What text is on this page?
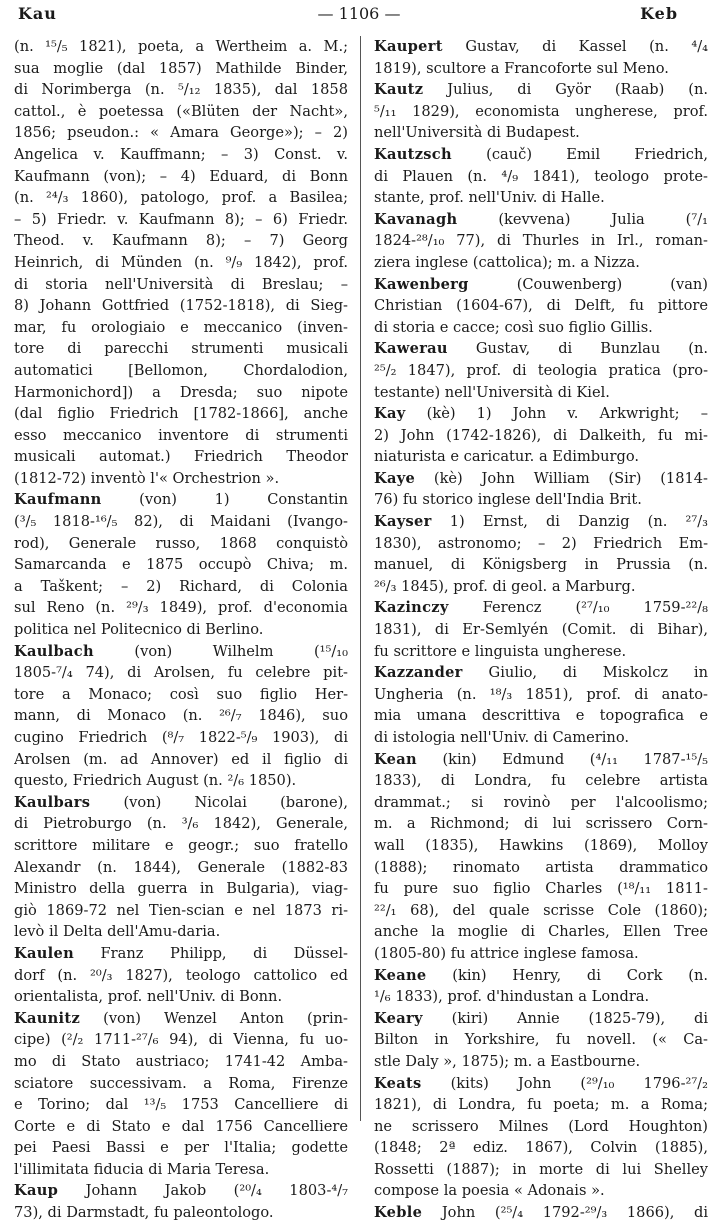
Kau	— 1106 —	Keb
(n. ¹⁵/₅ 1821), poeta, a Wertheim a. M.;
sua moglie (dal 1857) Mathilde Binder,
di Norimberga (n. ⁵/₁₂ 1835), dal 1858
cattol., è poetessa («Blüten der Nacht»,
1856; pseudon.: « Amara George»); – 2)
Angelica v. Kauffmann; – 3) Const. v.
Kaufmann (von); – 4) Eduard, di Bonn
(n. ²⁴/₃ 1860), patologo, prof. a Basilea;
– 5) Friedr. v. Kaufmann 8); – 6) Friedr.
Theod. v. Kaufmann 8); – 7) Georg
Heinrich, di Münden (n. ⁹/₉ 1842), prof.
di storia nell'Università di Breslau; –
8) Johann Gottfried (1752-1818), di Sieg-
mar, fu orologiaio e meccanico (inven-
tore di parecchi strumenti musicali
automatici [Bellomon, Chordalodion,
Harmonichord]) a Dresda; suo nipote
(dal figlio Friedrich [1782-1866], anche
esso meccanico inventore di strumenti
musicali automat.) Friedrich Theodor
(1812-72) inventò l'« Orchestrion ».
Kaufmann (von) 1) Constantin
(³/₅ 1818-¹⁶/₅ 82), di Maidani (Ivango-
rod), Generale russo, 1868 conquistò
Samarcanda e 1875 occupò Chiva; m.
a Taškent; – 2) Richard, di Colonia
sul Reno (n. ²⁹/₃ 1849), prof. d'economia
politica nel Politecnico di Berlino.
Kaulbach (von) Wilhelm (¹⁵/₁₀
1805-⁷/₄ 74), di Arolsen, fu celebre pit-
tore a Monaco; così suo figlio Her-
mann, di Monaco (n. ²⁶/₇ 1846), suo
cugino Friedrich (⁸/₇ 1822-⁵/₉ 1903), di
Arolsen (m. ad Annover) ed il figlio di
questo, Friedrich August (n. ²/₆ 1850).
Kaulbars (von) Nicolai (barone),
di Pietroburgo (n. ³/₆ 1842), Generale,
scrittore militare e geogr.; suo fratello
Alexandr (n. 1844), Generale (1882-83
Ministro della guerra in Bulgaria), viag-
giò 1869-72 nel Tien-scian e nel 1873 ri-
levò il Delta dell'Amu-daria.
Kaulen Franz Philipp, di Düssel-
dorf (n. ²⁰/₃ 1827), teologo cattolico ed
orientalista, prof. nell'Univ. di Bonn.
Kaunitz (von) Wenzel Anton (prin-
cipe) (²/₂ 1711-²⁷/₆ 94), di Vienna, fu uo-
mo di Stato austriaco; 1741-42 Amba-
sciatore successivam. a Roma, Firenze
e Torino; dal ¹³/₅ 1753 Cancelliere di
Corte e di Stato e dal 1756 Cancelliere
pei Paesi Bassi e per l'Italia; godette
l'illimitata fiducia di Maria Teresa.
Kaup Johann Jakob (²⁰/₄ 1803-⁴/₇
73), di Darmstadt, fu paleontologo.
Kaupert Gustav, di Kassel (n. ⁴/₄
1819), scultore a Francoforte sul Meno.
Kautz Julius, di Györ (Raab) (n.
⁵/₁₁ 1829), economista ungherese, prof.
nell'Università di Budapest.
Kautzsch (cauč) Emil Friedrich,
di Plauen (n. ⁴/₉ 1841), teologo prote-
stante, prof. nell'Univ. di Halle.
Kavanagh (kevvena) Julia (⁷/₁
1824-²⁸/₁₀ 77), di Thurles in Irl., roman-
ziera inglese (cattolica); m. a Nizza.
Kawenberg (Couwenberg) (van)
Christian (1604-67), di Delft, fu pittore
di storia e cacce; così suo figlio Gillis.
Kawerau Gustav, di Bunzlau (n.
²⁵/₂ 1847), prof. di teologia pratica (pro-
testante) nell'Università di Kiel.
Kay (kè) 1) John v. Arkwright; –
2) John (1742-1826), di Dalkeith, fu mi-
niaturista e caricatur. a Edimburgo.
Kaye (kè) John William (Sir) (1814-
76) fu storico inglese dell'India Brit.
Kayser 1) Ernst, di Danzig (n. ²⁷/₃
1830), astronomo; – 2) Friedrich Em-
manuel, di Königsberg in Prussia (n.
²⁶/₃ 1845), prof. di geol. a Marburg.
Kazinczy Ferencz (²⁷/₁₀ 1759-²²/₈
1831), di Er-Semlyén (Comit. di Bihar),
fu scrittore e linguista ungherese.
Kazzander Giulio, di Miskolcz in
Ungheria (n. ¹⁸/₃ 1851), prof. di anato-
mia umana descrittiva e topografica e
di istologia nell'Univ. di Camerino.
Kean (kin) Edmund (⁴/₁₁ 1787-¹⁵/₅
1833), di Londra, fu celebre artista
drammat.; si rovinò per l'alcoolismo;
m. a Richmond; di lui scrissero Corn-
wall (1835), Hawkins (1869), Molloy
(1888); rinomato artista drammatico
fu pure suo figlio Charles (¹⁸/₁₁ 1811-
²²/₁ 68), del quale scrisse Cole (1860);
anche la moglie di Charles, Ellen Tree
(1805-80) fu attrice inglese famosa.
Keane (kin) Henry, di Cork (n.
¹/₆ 1833), prof. d'hindustan a Londra.
Keary (kiri) Annie (1825-79), di
Bilton in Yorkshire, fu novell. (« Ca-
stle Daly », 1875); m. a Eastbourne.
Keats (kits) John (²⁹/₁₀ 1796-²⁷/₂
1821), di Londra, fu poeta; m. a Roma;
ne scrissero Milnes (Lord Houghton)
(1848; 2ª ediz. 1867), Colvin (1885),
Rossetti (1887); in morte di lui Shelley
compose la poesia « Adonais ».
Keble John (²⁵/₄ 1792-²⁹/₃ 1866), di
